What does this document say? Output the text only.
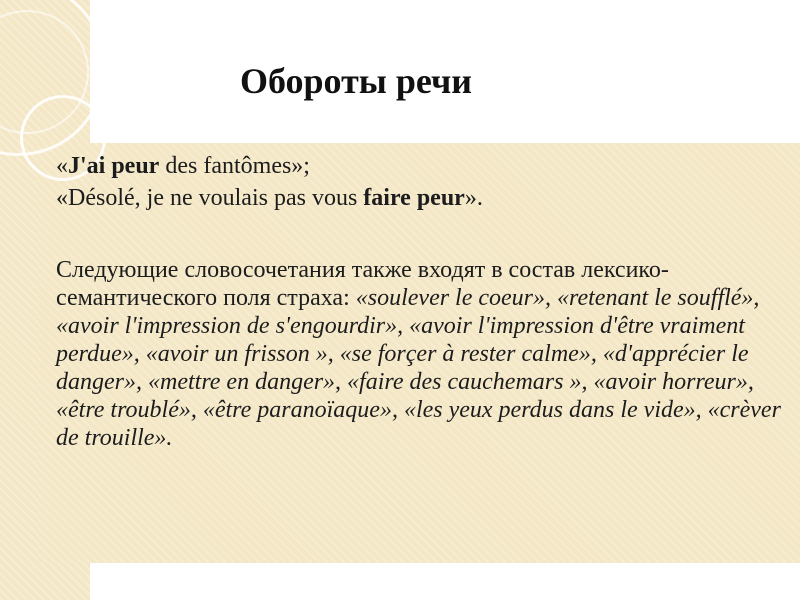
Обороты речи
«J'ai peur des fantômes»;
«Désolé, je ne voulais pas vous faire peur».
Следующие словосочетания также входят в состав лексико-семантического поля страха: «soulever le coeur», «retenant le soufflé», «avoir l'impression de s'engourdir», «avoir l'impression d'être vraiment perdue», «avoir un frisson », «se forçer à rester calme», «d'apprécier le danger», «mettre en danger», «faire des cauchemars », «avoir horreur», «être troublé», «être paranoïaque», «les yeux perdus dans le vide», «crèver de trouille».
